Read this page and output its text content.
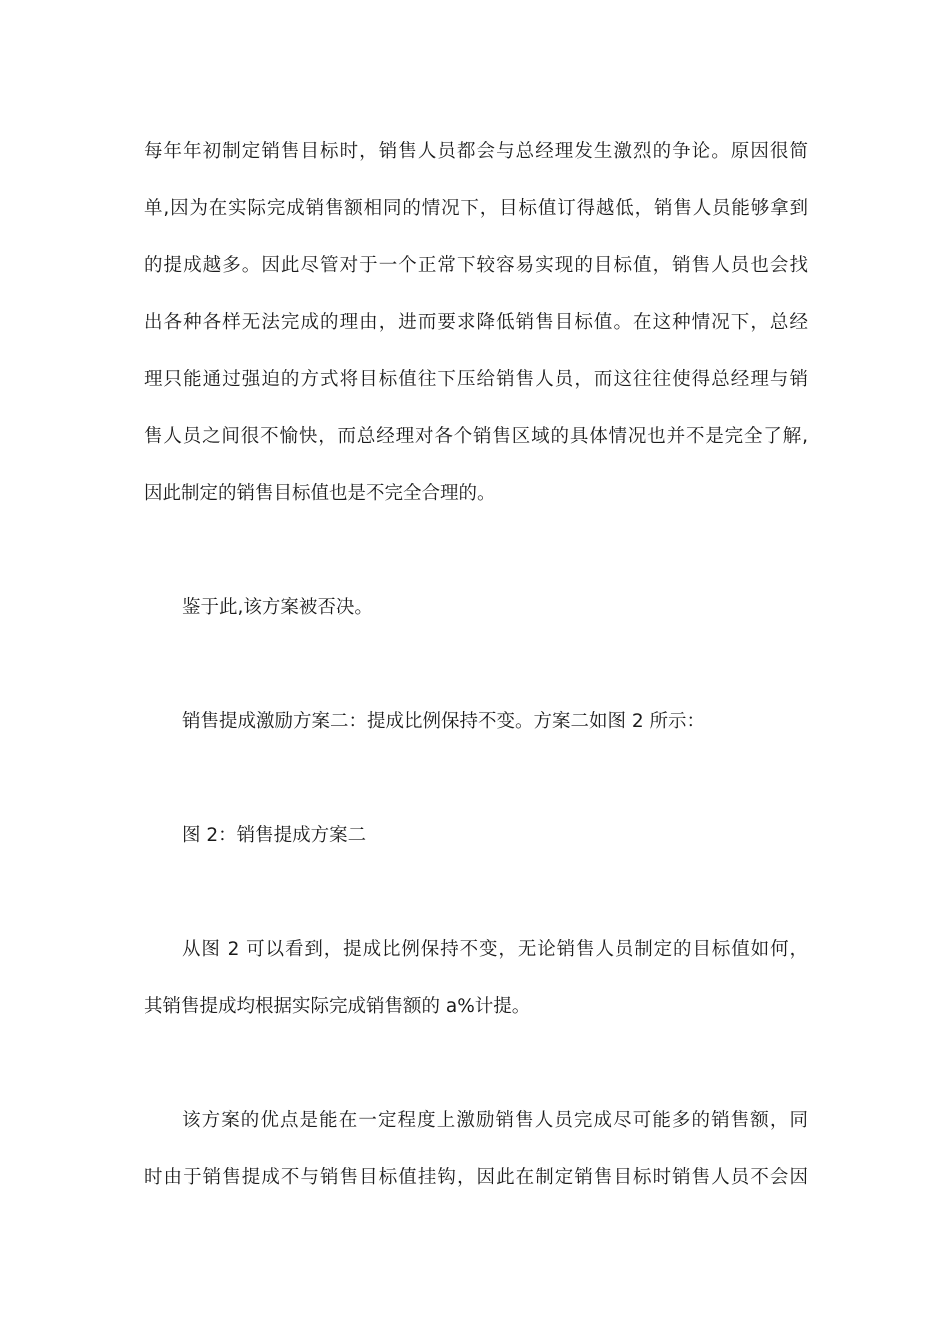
每年年初制定销售目标时，销售人员都会与总经理发生激烈的争论。原因很简
单,因为在实际完成销售额相同的情况下，目标值订得越低，销售人员能够拿到
的提成越多。因此尽管对于一个正常下较容易实现的目标值，销售人员也会找
出各种各样无法完成的理由，进而要求降低销售目标值。在这种情况下，总经
理只能通过强迫的方式将目标值往下压给销售人员，而这往往使得总经理与销
售人员之间很不愉快，而总经理对各个销售区域的具体情况也并不是完全了解,
因此制定的销售目标值也是不完全合理的。
鉴于此,该方案被否决。
销售提成激励方案二：提成比例保持不变。方案二如图 2 所示：
图 2：销售提成方案二
从图 2 可以看到，提成比例保持不变，无论销售人员制定的目标值如何，
其销售提成均根据实际完成销售额的 a%计提。
该方案的优点是能在一定程度上激励销售人员完成尽可能多的销售额，同
时由于销售提成不与销售目标值挂钩，因此在制定销售目标时销售人员不会因
